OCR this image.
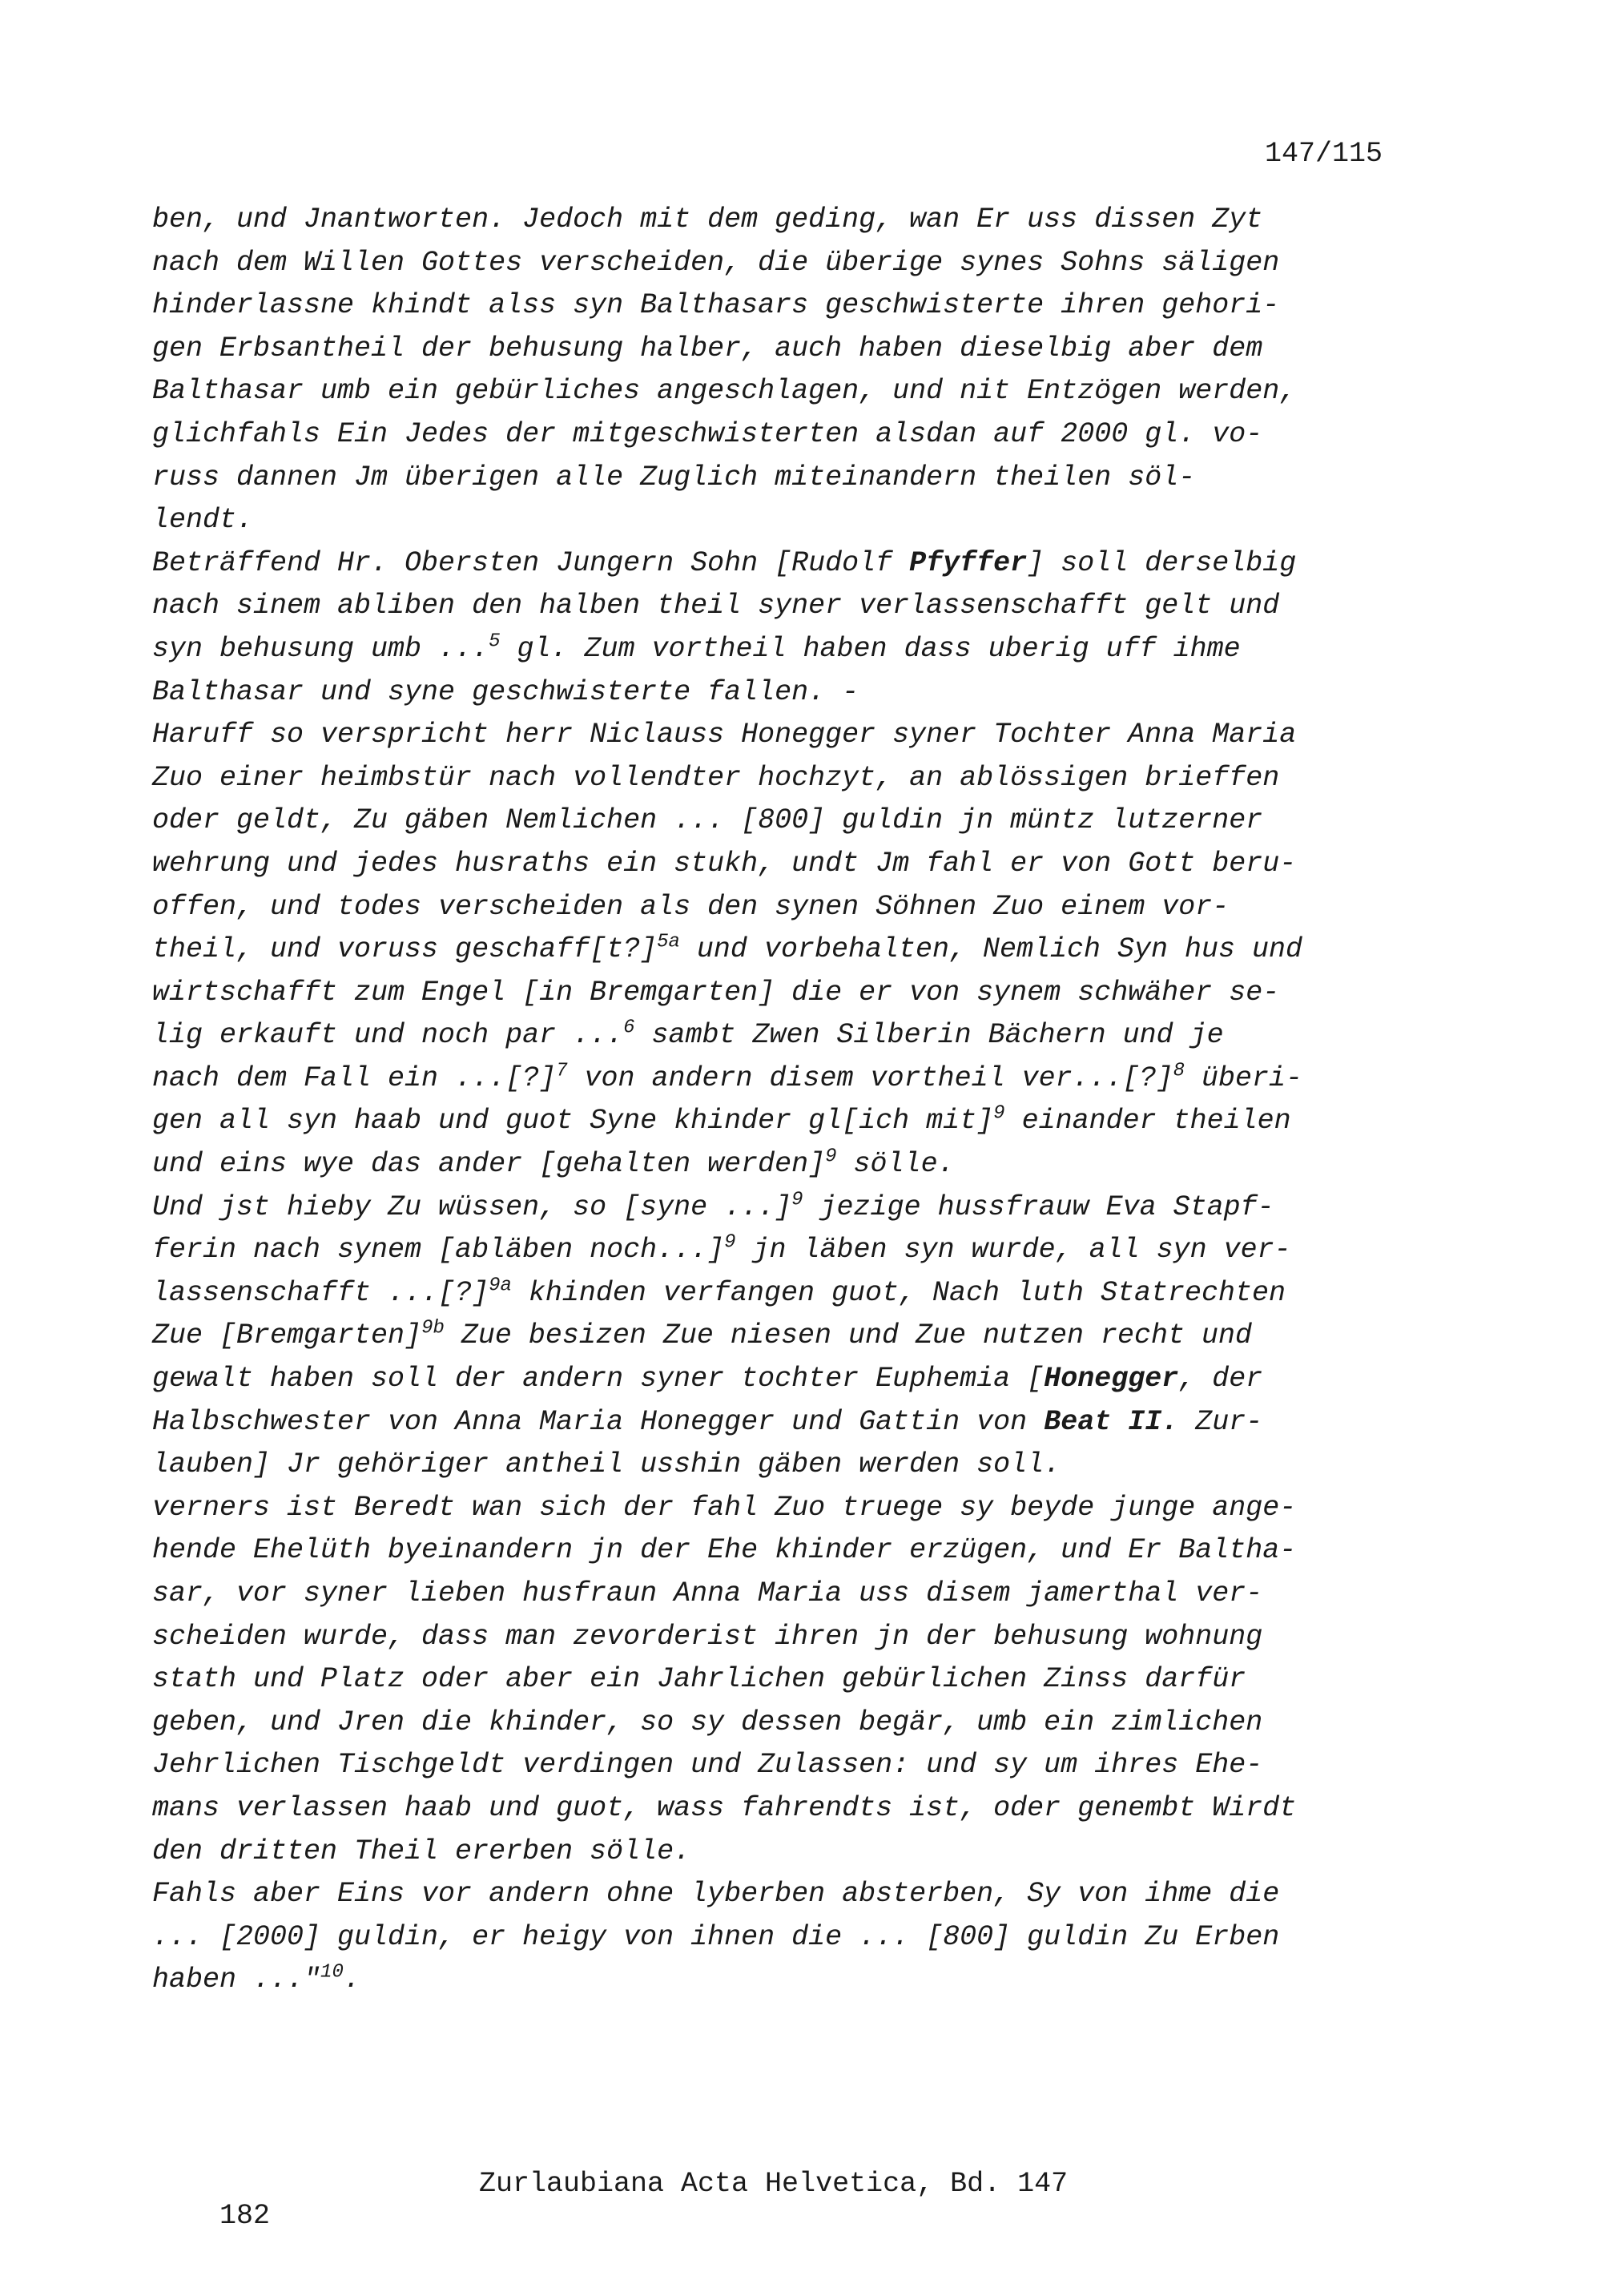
147/115
ben, und Jnantworten. Jedoch mit dem geding, wan Er uss dissen Zyt
nach dem Willen Gottes verscheiden, die überige synes Sohns säligen
hinderlassne khindt alss syn Balthasars geschwisterte ihren gehori-
gen Erbsantheil der behusung halber, auch haben dieselbig aber dem
Balthasar umb ein gebürliches angeschlagen, und nit Entzögen werden,
glichfahls Ein Jedes der mitgeschwisterten alsdan auf 2000 gl. vo-
russ dannen Jm überigen alle Zuglich miteinandern theilen söl-
lendt.
Beträffend Hr. Obersten Jungern Sohn [Rudolf Pfyffer] soll derselbig
nach sinem abliben den halben theil syner verlassenschafft gelt und
syn behusung umb ...$^5$ gl. Zum vortheil haben dass uberig uff ihme
Balthasar und syne geschwisterte fallen. -
Haruff so verspricht herr Niclauss Honegger syner Tochter Anna Maria
Zuo einer heimbstür nach vollendter hochzyt, an ablössigen brieffen
oder geldt, Zu gäben Nemlichen ... [800] guldin jn müntz lutzerner
wehrung und jedes husraths ein stukh, undt Jm fahl er von Gott beru-
offen, und todes verscheiden als den synen Söhnen Zuo einem vor-
theil, und voruss geschaff[t?]$^{5a}$ und vorbehalten, Nemlich Syn hus und
wirtschafft zum Engel [in Bremgarten] die er von synem schwäher se-
lig erkauft und noch par ...$^6$ sambt Zwen Silberin Bächern und je
nach dem Fall ein ...[?]$^7$ von andern disem vortheil ver...[?]$^8$ überi-
gen all syn haab und guot Syne khinder gl[ich mit]$^9$ einander theilen
und eins wye das ander [gehalten werden]$^9$ sölle.
Und jst hieby Zu wüssen, so [syne ...]$^9$ jezige hussfrauw Eva Stapf-
ferin nach synem [abläben noch...]$^9$ jn läben syn wurde, all syn ver-
lassenschafft ...[?]$^{9a}$ khinden verfangen guot, Nach luth Statrechten
Zue [Bremgarten]$^{9b}$ Zue besizen Zue niesen und Zue nutzen recht und
gewalt haben soll der andern syner tochter Euphemia [Honegger, der
Halbschwester von Anna Maria Honegger und Gattin von Beat II. Zur-
lauben] Jr gehöriger antheil usshin gäben werden soll.
verners ist Beredt wan sich der fahl Zuo truege sy beyde junge ange-
hende Ehelüth byeinandern jn der Ehe khinder erzügen, und Er Baltha-
sar, vor syner lieben husfraun Anna Maria uss disem jamerthal ver-
scheiden wurde, dass man zevorderist ihren jn der behusung wohnung
stath und Platz oder aber ein Jahrlichen gebürlichen Zinss darfür
geben, und Jren die khinder, so sy dessen begär, umb ein zimlichen
Jehrlichen Tischgeldt verdingen und Zulassen: und sy um ihres Ehe-
mans verlassen haab und guot, wass fahrendts ist, oder genembt Wirdt
den dritten Theil ererben sölle.
Fahls aber Eins vor andern ohne lyberben absterben, Sy von ihme die
... [2000] guldin, er heigy von ihnen die ... [800] guldin Zu Erben
haben ..."$^{10}$.

182

Zurlaubiana Acta Helvetica, Bd. 147
